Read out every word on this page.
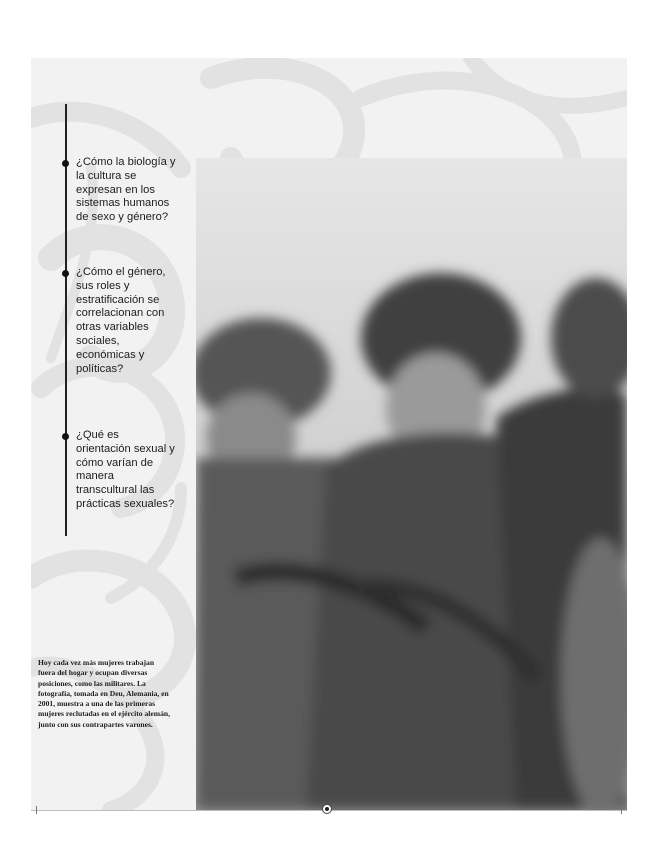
¿Cómo la biología y la cultura se expresan en los sistemas humanos de sexo y género?
¿Cómo el género, sus roles y estratificación se correlacionan con otras variables sociales, económicas y políticas?
¿Qué es orientación sexual y cómo varían de manera transcultural las prácticas sexuales?
Hoy cada vez más mujeres trabajan fuera del hogar y ocupan diversas posiciones, como las militares. La fotografía, tomada en Deu, Alemania, en 2001, muestra a una de las primeras mujeres reclutadas en el ejército alemán, junto con sus contrapartes varones.
